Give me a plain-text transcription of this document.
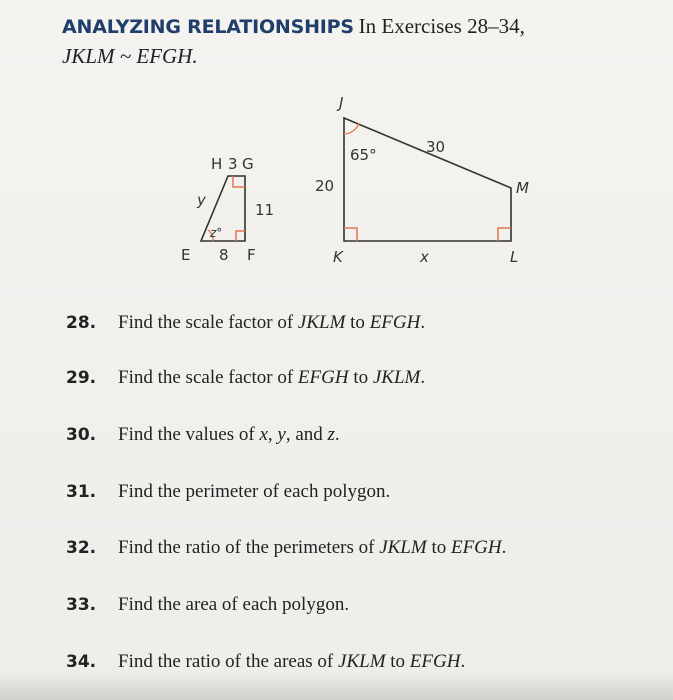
ANALYZING RELATIONSHIPS In Exercises 28–34,
JKLM ~ EFGH.
H 3 G
y
11
z°
E 8 F
J
65°	30
20	M
K	x	L
28. Find the scale factor of JKLM to EFGH.
29. Find the scale factor of EFGH to JKLM.
30. Find the values of x, y, and z.
31. Find the perimeter of each polygon.
32. Find the ratio of the perimeters of JKLM to EFGH.
33. Find the area of each polygon.
34. Find the ratio of the areas of JKLM to EFGH.
